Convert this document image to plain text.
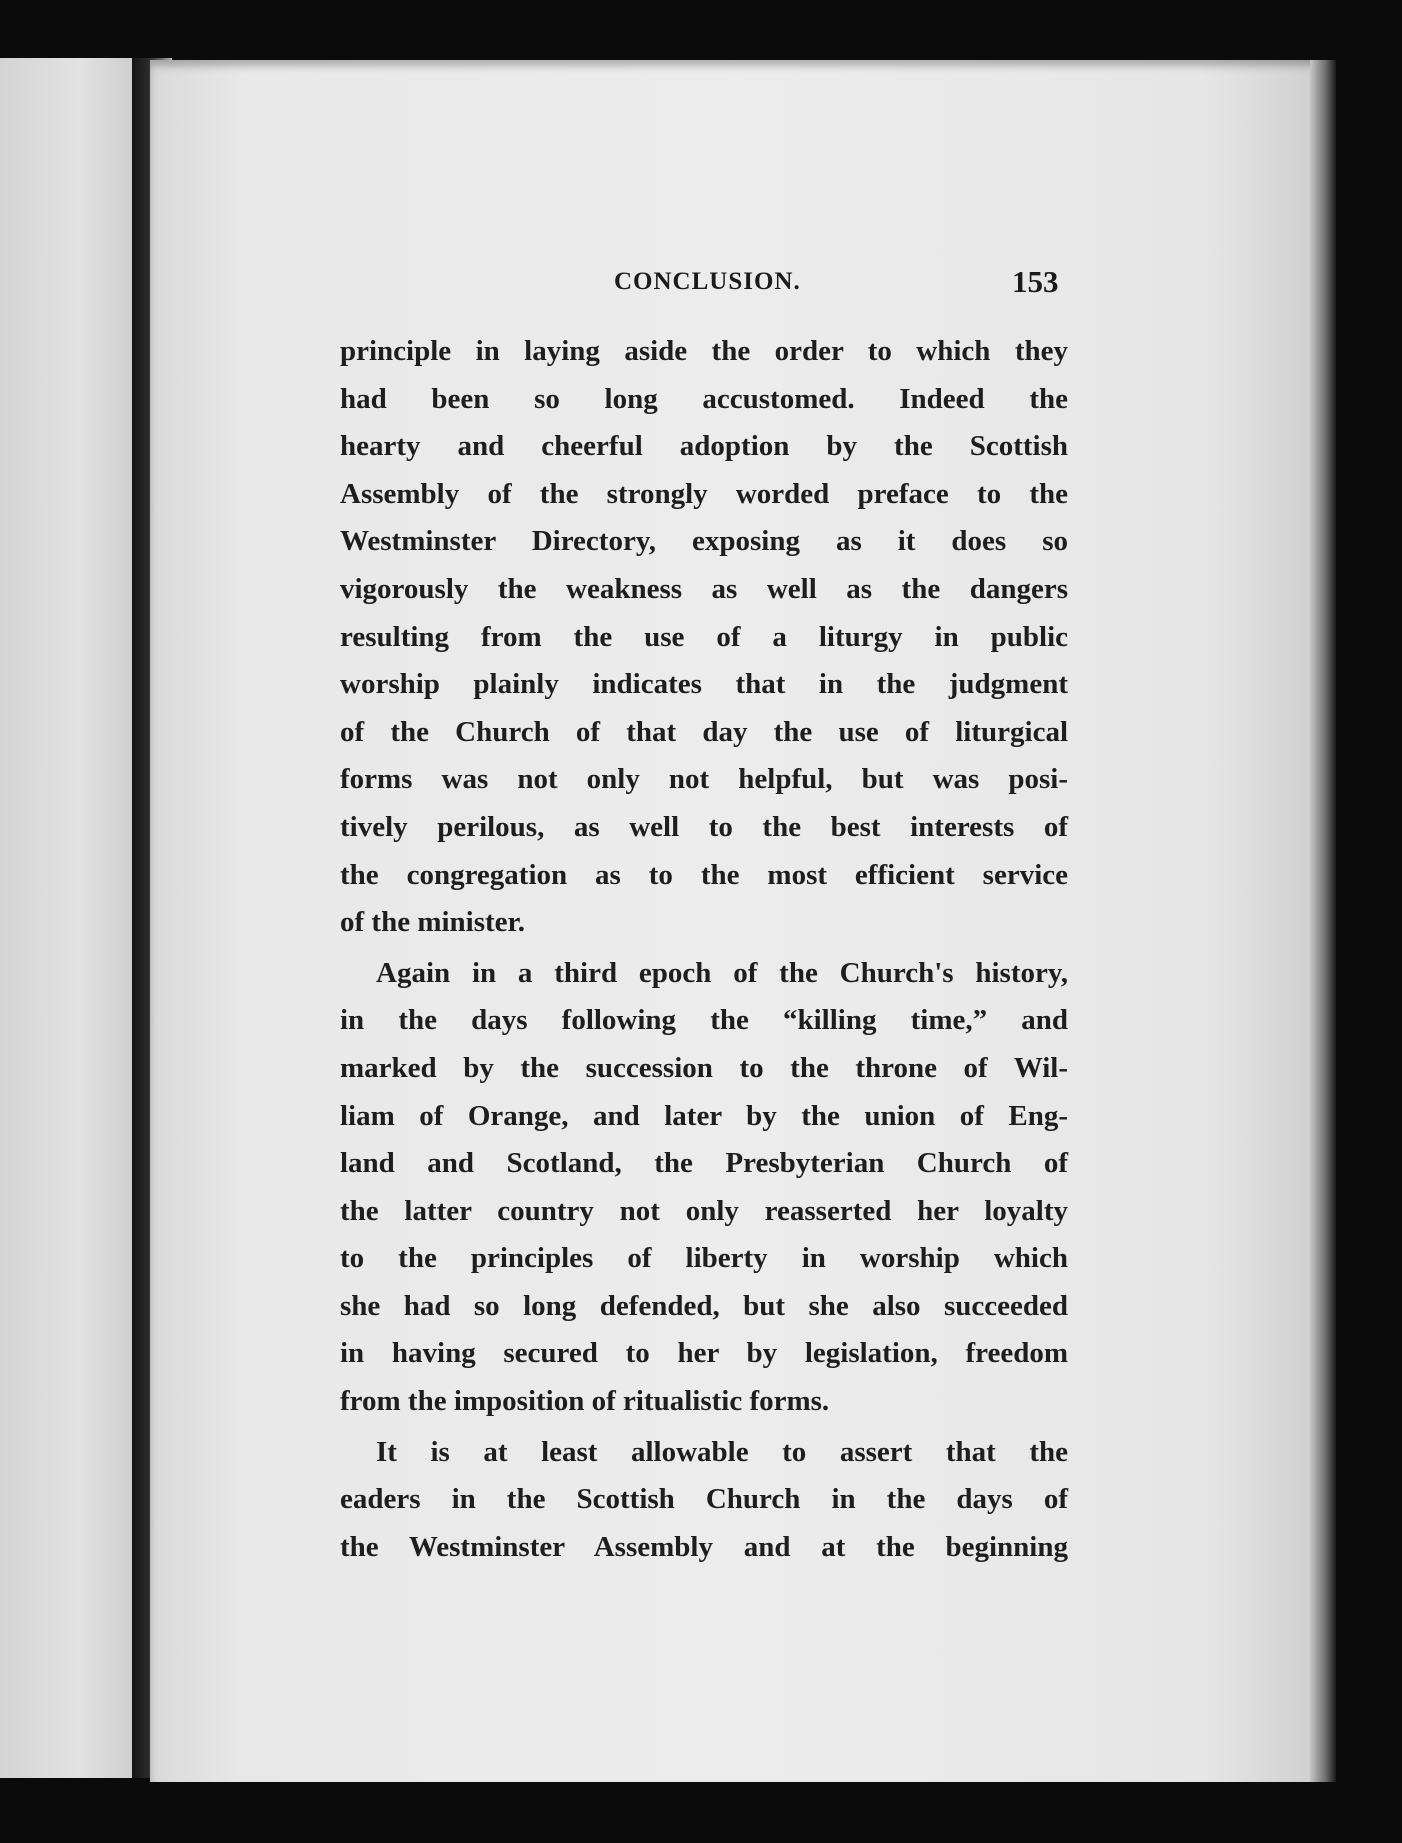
CONCLUSION.	153
principle in laying aside the order to which they
had been so long accustomed. Indeed the
hearty and cheerful adoption by the Scottish
Assembly of the strongly worded preface to the
Westminster Directory, exposing as it does so
vigorously the weakness as well as the dangers
resulting from the use of a liturgy in public
worship plainly indicates that in the judgment
of the Church of that day the use of liturgical
forms was not only not helpful, but was posi-
tively perilous, as well to the best interests of
the congregation as to the most efficient service
of the minister.
Again in a third epoch of the Church's history,
in the days following the “killing time,” and
marked by the succession to the throne of Wil-
liam of Orange, and later by the union of Eng-
land and Scotland, the Presbyterian Church of
the latter country not only reasserted her loyalty
to the principles of liberty in worship which
she had so long defended, but she also succeeded
in having secured to her by legislation, freedom
from the imposition of ritualistic forms.
It is at least allowable to assert that the
eaders in the Scottish Church in the days of
the Westminster Assembly and at the beginning
